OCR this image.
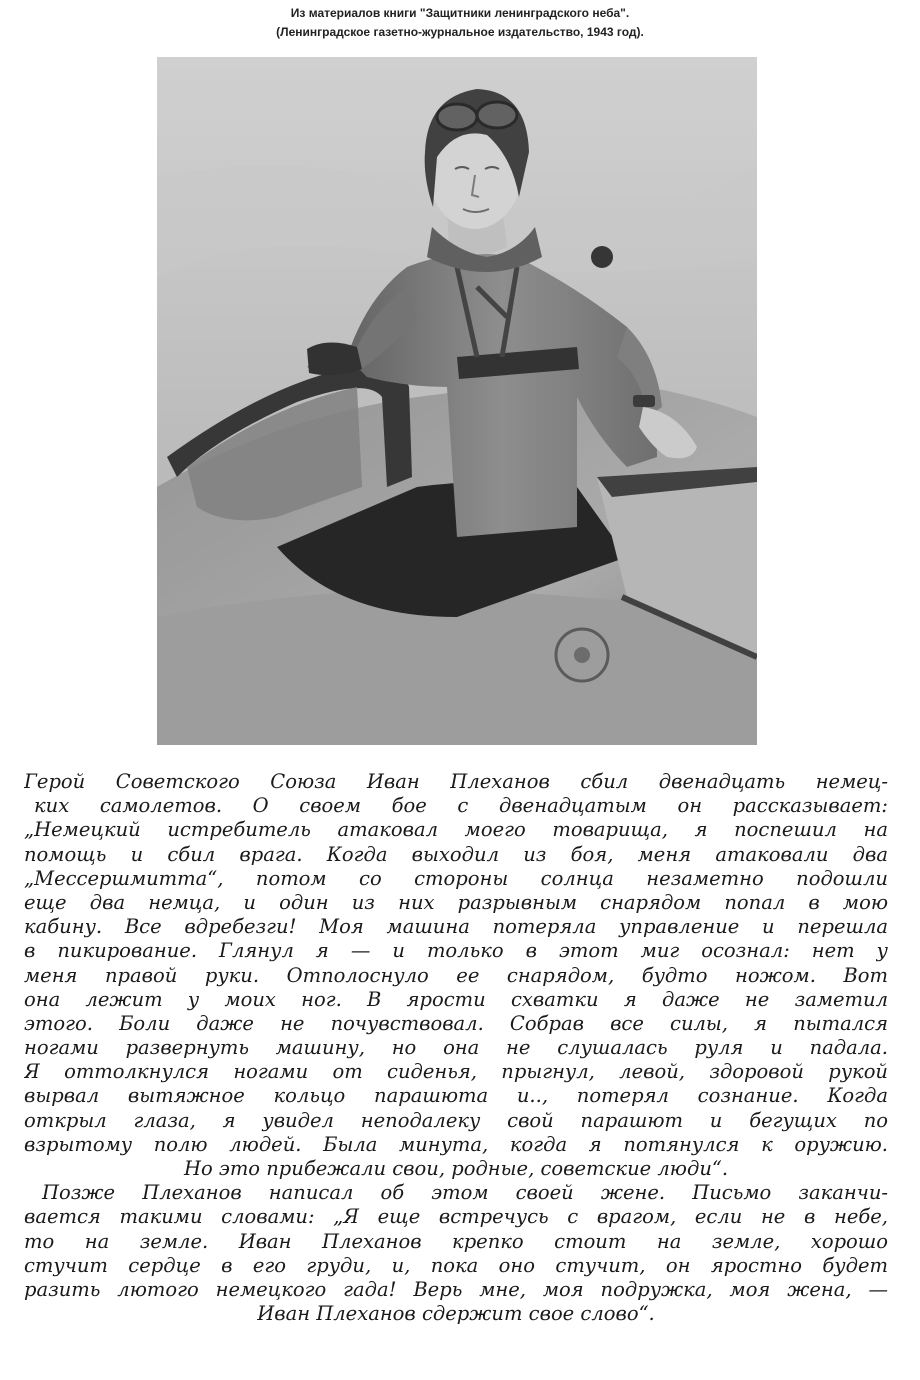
Из материалов книги "Защитники ленинградского неба".
(Ленинградское газетно-журнальное издательство, 1943 год).
Герой Советского Союза Иван Плеханов сбил двенадцать немец-
ких самолетов. О своем бое с двенадцатым он рассказывает:
„Немецкий истребитель атаковал моего товарища, я поспешил на
помощь и сбил врага. Когда выходил из боя, меня атаковали два
„Мессершмитта“, потом со стороны солнца незаметно подошли
еще два немца, и один из них разрывным снарядом попал в мою
кабину. Все вдребезги! Моя машина потеряла управление и перешла
в пикирование. Глянул я — и только в этот миг осознал: нет у
меня правой руки. Отполоснуло ее снарядом, будто ножом. Вот
она лежит у моих ног. В ярости схватки я даже не заметил
этого. Боли даже не почувствовал. Собрав все силы, я пытался
ногами развернуть машину, но она не слушалась руля и падала.
Я оттолкнулся ногами от сиденья, прыгнул, левой, здоровой рукой
вырвал вытяжное кольцо парашюта и.., потерял сознание. Когда
открыл глаза, я увидел неподалеку свой парашют и бегущих по
взрытому полю людей. Была минута, когда я потянулся к оружию.
Но это прибежали свои, родные, советские люди“.
Позже Плеханов написал об этом своей жене. Письмо заканчи-
вается такими словами: „Я еще встречусь с врагом, если не в небе,
то на земле. Иван Плеханов крепко стоит на земле, хорошо
стучит сердце в его груди, и, пока оно стучит, он яростно будет
разить лютого немецкого гада! Верь мне, моя подружка, моя жена, —
Иван Плеханов сдержит свое слово“.
